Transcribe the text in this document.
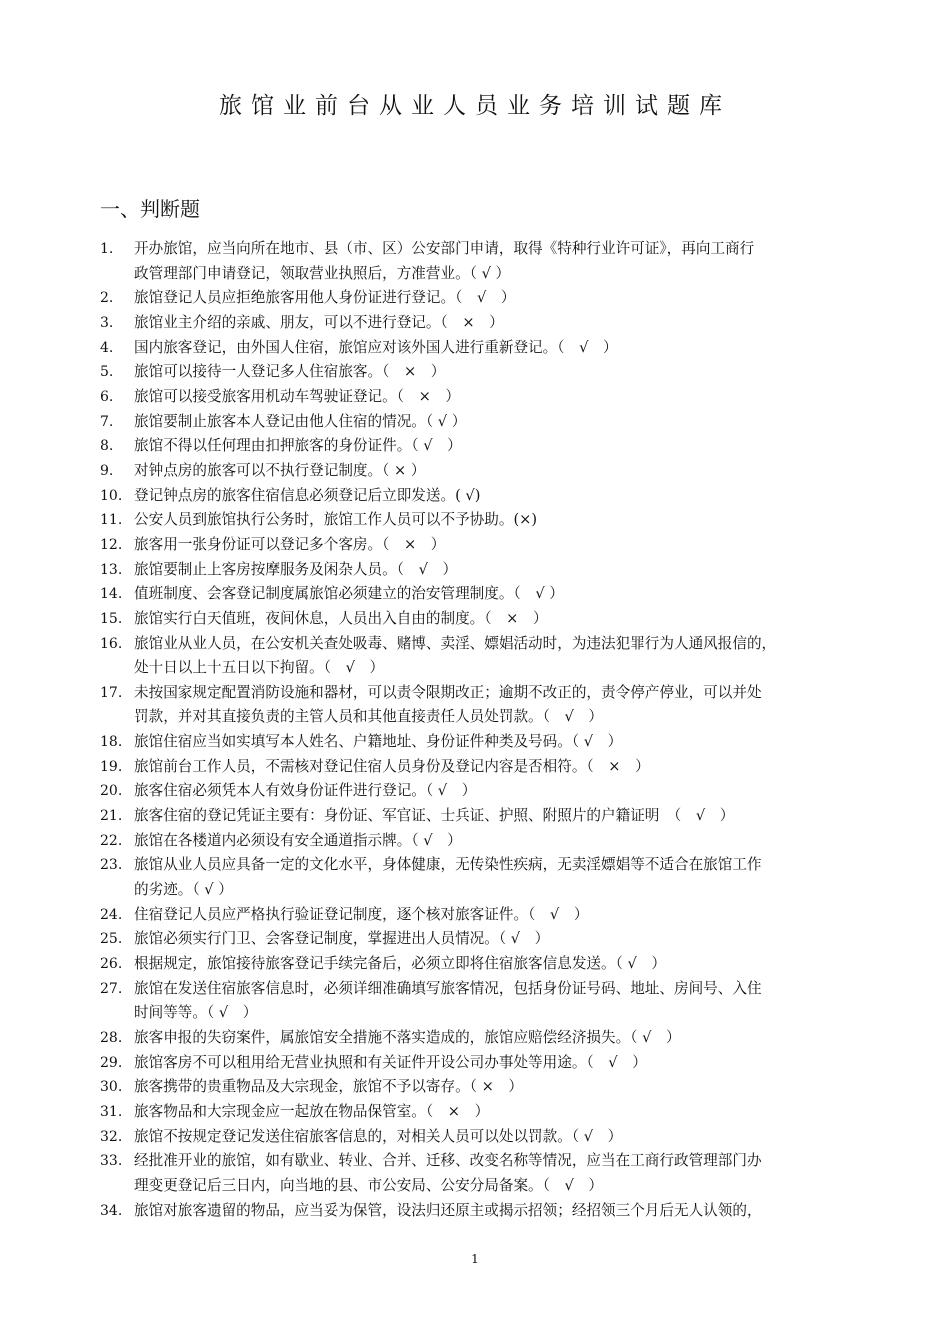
旅馆业前台从业人员业务培训试题库
一、判断题
1. 开办旅馆，应当向所在地市、县（市、区）公安部门申请，取得《特种行业许可证》，再向工商行
政管理部门申请登记，领取营业执照后，方准营业。（ √ ）
2. 旅馆登记人员应拒绝旅客用他人身份证进行登记。（　√　）
3. 旅馆业主介绍的亲戚、朋友，可以不进行登记。（　×　）
4. 国内旅客登记，由外国人住宿，旅馆应对该外国人进行重新登记。（　√　）
5. 旅馆可以接待一人登记多人住宿旅客。（　×　）
6. 旅馆可以接受旅客用机动车驾驶证登记。（　×　）
7. 旅馆要制止旅客本人登记由他人住宿的情况。（ √ ）
8. 旅馆不得以任何理由扣押旅客的身份证件。（ √　）
9. 对钟点房的旅客可以不执行登记制度。（ × ）
10. 登记钟点房的旅客住宿信息必须登记后立即发送。( √)
11. 公安人员到旅馆执行公务时，旅馆工作人员可以不予协助。(×)
12. 旅客用一张身份证可以登记多个客房。（　×　）
13. 旅馆要制止上客房按摩服务及闲杂人员。（　√　）
14. 值班制度、会客登记制度属旅馆必须建立的治安管理制度。（　√ ）
15. 旅馆实行白天值班，夜间休息，人员出入自由的制度。（　×　）
16. 旅馆业从业人员，在公安机关查处吸毒、赌博、卖淫、嫖娼活动时，为违法犯罪行为人通风报信的，
处十日以上十五日以下拘留。（　√　）
17. 未按国家规定配置消防设施和器材，可以责令限期改正；逾期不改正的，责令停产停业，可以并处
罚款，并对其直接负责的主管人员和其他直接责任人员处罚款。（　√　）
18. 旅馆住宿应当如实填写本人姓名、户籍地址、身份证件种类及号码。（ √　）
19. 旅馆前台工作人员，不需核对登记住宿人员身份及登记内容是否相符。（　×　）
20. 旅客住宿必须凭本人有效身份证件进行登记。（ √　）
21. 旅客住宿的登记凭证主要有：身份证、军官证、士兵证、护照、附照片的户籍证明　（　√　）
22. 旅馆在各楼道内必须设有安全通道指示牌。（ √　）
23. 旅馆从业人员应具备一定的文化水平，身体健康，无传染性疾病，无卖淫嫖娼等不适合在旅馆工作
的劣迹。（ √ ）
24. 住宿登记人员应严格执行验证登记制度，逐个核对旅客证件。（　√　）
25. 旅馆必须实行门卫、会客登记制度，掌握进出人员情况。（ √　）
26. 根据规定，旅馆接待旅客登记手续完备后，必须立即将住宿旅客信息发送。（ √　）
27. 旅馆在发送住宿旅客信息时，必须详细准确填写旅客情况，包括身份证号码、地址、房间号、入住
时间等等。（ √　）
28. 旅客申报的失窃案件，属旅馆安全措施不落实造成的，旅馆应赔偿经济损失。（ √　）
29. 旅馆客房不可以租用给无营业执照和有关证件开设公司办事处等用途。（　√　）
30. 旅客携带的贵重物品及大宗现金，旅馆不予以寄存。（ ×　）
31. 旅客物品和大宗现金应一起放在物品保管室。（　×　）
32. 旅馆不按规定登记发送住宿旅客信息的，对相关人员可以处以罚款。（ √　）
33. 经批准开业的旅馆，如有歇业、转业、合并、迁移、改变名称等情况，应当在工商行政管理部门办
理变更登记后三日内，向当地的县、市公安局、公安分局备案。（　√　）
34. 旅馆对旅客遗留的物品，应当妥为保管，设法归还原主或揭示招领；经招领三个月后无人认领的，
1
